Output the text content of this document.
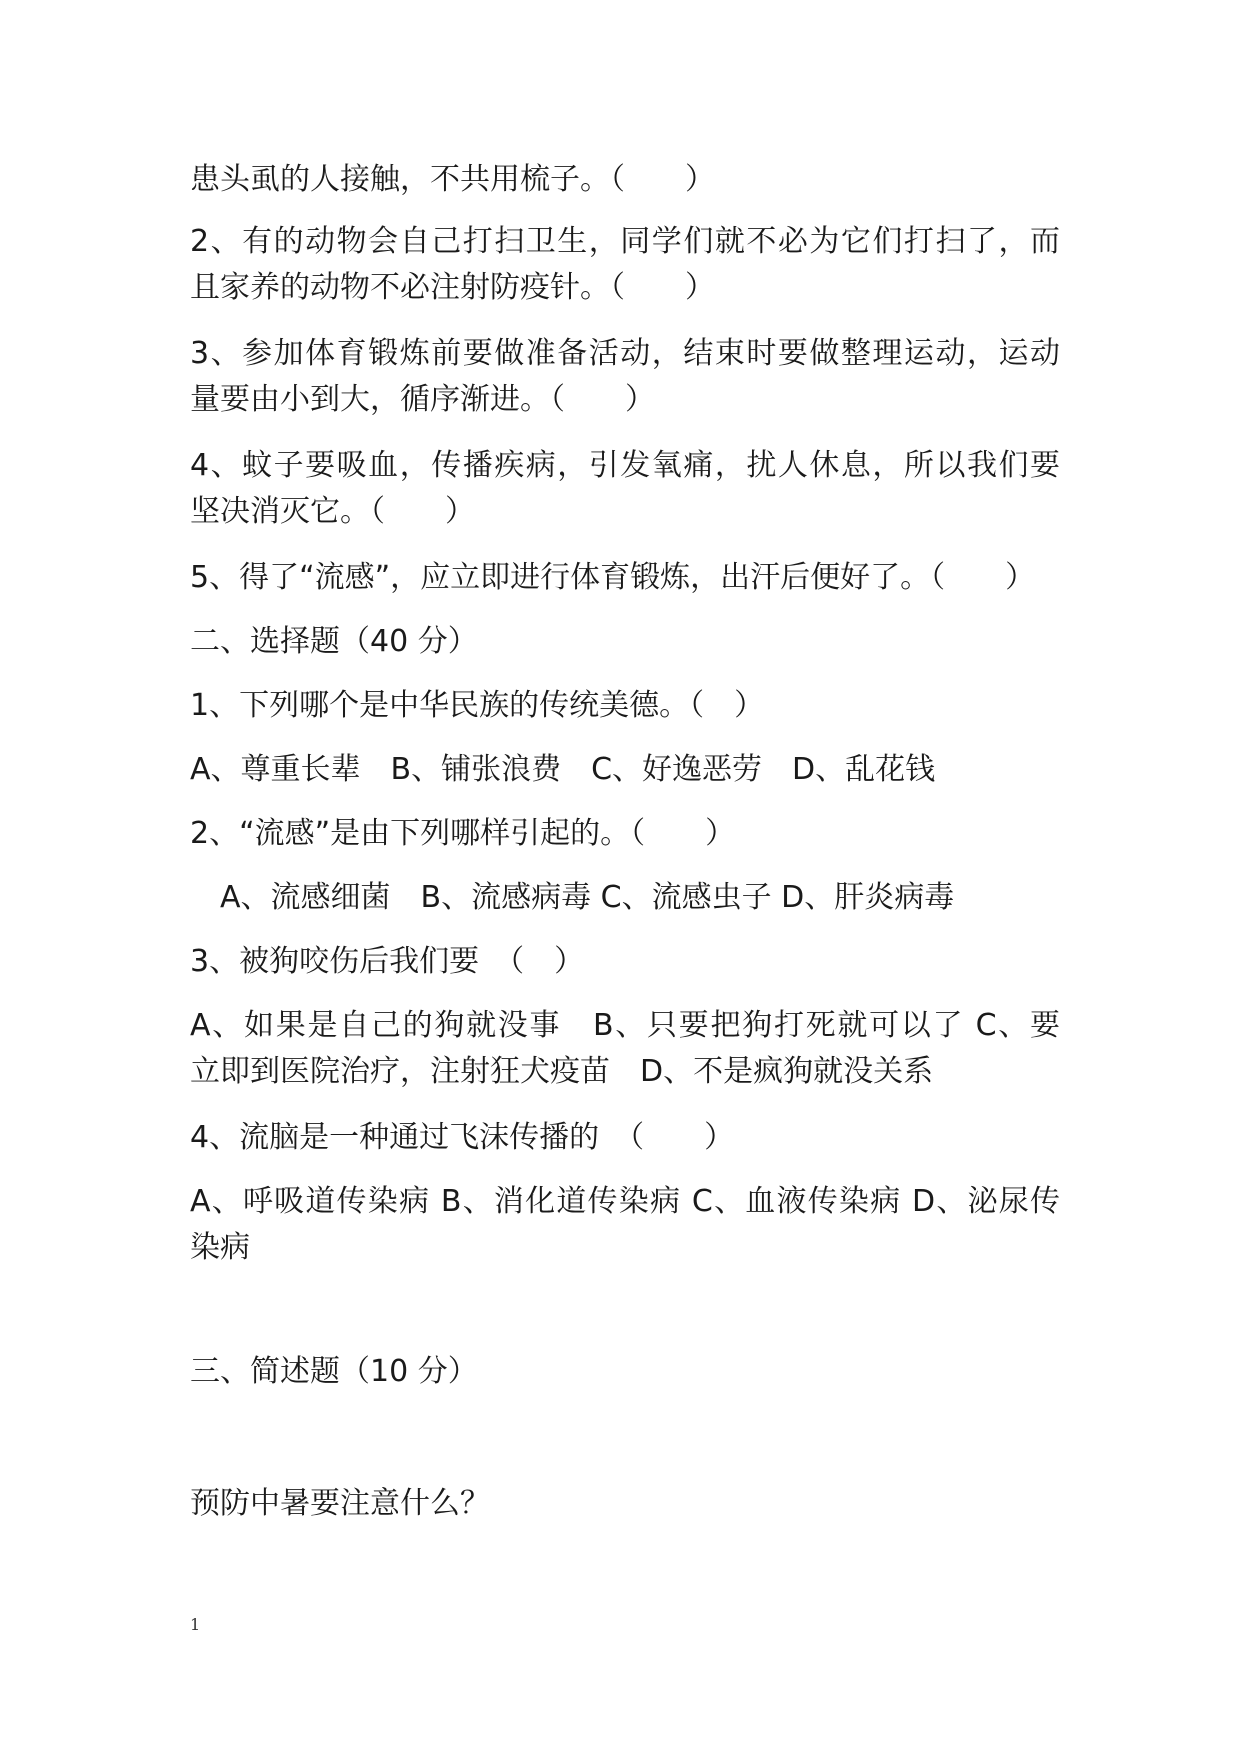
患头虱的人接触，不共用梳子。（　　）
2、有的动物会自己打扫卫生，同学们就不必为它们打扫了，而
且家养的动物不必注射防疫针。（　　）
3、参加体育锻炼前要做准备活动，结束时要做整理运动，运动
量要由小到大，循序渐进。（　　）
4、蚊子要吸血，传播疾病，引发氧痛，扰人休息，所以我们要
坚决消灭它。（　　）
5、得了“流感”，应立即进行体育锻炼，出汗后便好了。（　　）
二、选择题（40 分）
1、下列哪个是中华民族的传统美德。（　）
A、尊重长辈　B、铺张浪费　C、好逸恶劳　D、乱花钱
2、“流感”是由下列哪样引起的。（　　）
　A、流感细菌　B、流感病毒 C、流感虫子 D、肝炎病毒
3、被狗咬伤后我们要　（　）
A、如果是自己的狗就没事　B、只要把狗打死就可以了 C、要
立即到医院治疗，注射狂犬疫苗　D、不是疯狗就没关系
4、流脑是一种通过飞沫传播的　（　　）
A、呼吸道传染病 B、消化道传染病 C、血液传染病 D、泌尿传
染病
三、简述题（10 分）
预防中暑要注意什么？
1
